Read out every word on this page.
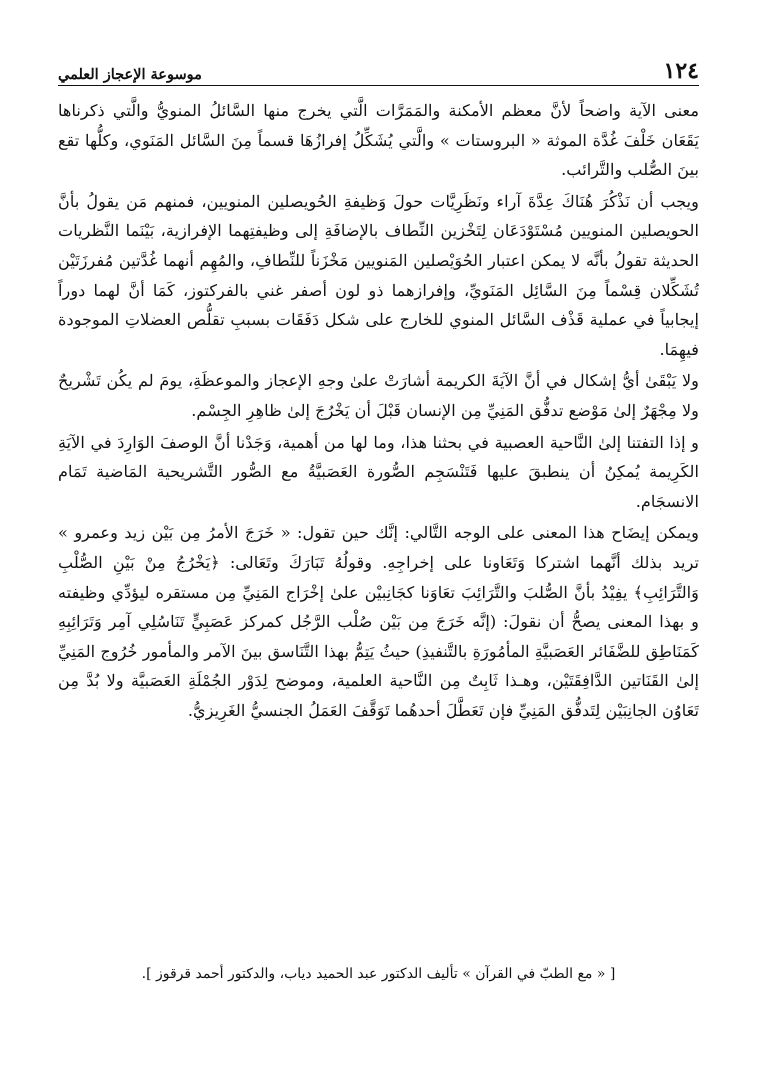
١٢٤
موسوعة الإعجاز العلمي

معنى الآية واضحاً لأنَّ معظم الأمكنة والمَمَرَّات الَّتي يخرج منها السَّائلُ المنويُّ والَّتي ذكرناها يَقَعَان خَلْفَ غُدَّة الموثة « البروستات » والَّتي يُشَكِّلُ إفرازُهَا قسماً مِنَ السَّائل المَنَوي، وكلُّها تقع بينَ الصُّلب والتَّرائب.

ويجب أن نَذْكُرَ هُنَاكَ عِدَّةَ آراء ونَظَرِيَّات حولَ وَظيفةِ الحُويصلين المنويين، فمنهم مَن يقولُ بأنَّ الحويصلين المنويين مُسْتَوْدَعَان لِتَخْزين النِّطاف بالإضافَةِ إلى وظيفتِهما الإفرازية، بَيْنَما النَّظريات الحديثة تقولُ بأنَّه لا يمكن اعتبار الحُوَيْصلين المَنويين مَخْزَناً للنِّطافِ، والمُهِم أنهما غُدَّتين مُفرزَتَيْن تُشَكِّلان قِسْماً مِنَ السَّائِل المَنَويِّ، وإفرازهما ذو لون أصفر غني بالفركتوز، كَمَا أنَّ لهما دوراً إيجابياً في عملية قَذْف السَّائل المنوي للخارج على شكل دَفَقَات بسببِ تقلُّص العضلاتِ الموجودة فيهِمَا.

ولا يَبْقَىٰ أيُّ إشكال في أنَّ الآيَةَ الكريمة أشارَتْ علىٰ وجهِ الإعجاز والموعظَةِ، يومَ لم يكُن تَشْريحٌ ولا مِجْهَرٌ إلىٰ مَوْضع تدفُّق المَنِيِّ مِن الإنسان قَبْلَ أن يَخْرُجَ إلىٰ ظاهِرِ الجِسْم.

و إذا التفتنا إلىٰ النَّاحية العصبية في بحثنا هذا، وما لها من أهمية، وَجَدْنا أنَّ الوصفَ الوَارِدَ في الآيَةِ الكَرِيمة يُمكِنُ أن ينطبقَ عليها فَتَنْسَجِم الصُّورة العَصَبيَّةُ مع الصُّور التَّشريحية المَاضية تَمَام الانسجَام.

ويمكن إيضَاح هذا المعنى على الوجه التَّالي: إنَّك حين تقول: « خَرَجَ الأمرُ مِن بَيْن زيد وعمرو » تريد بذلك أنَّهما اشتركا وَتَعَاونا على إخراجِهِ. وقولُهُ تَبَارَكَ وتَعَالى: ﴿يَخْرُجُ مِنْ بَيْنِ الصُّلْبِ وَالتَّرَائِبِ﴾ يفِيْدُ بأنَّ الصُّلبَ والتَّرَائِبَ تعَاوَنا كجَانِبيْن علىٰ إخْرَاج المَنِيِّ مِن مستقره ليؤدِّي وظيفته و بهذا المعنى يصحُّ أن نقولَ: (إنَّه خَرَجَ مِن بَيْن صُلْب الرَّجُل كمركز عَصَبِيٍّ تَنَاسُلِي آمِر وَتَرَائِبِهِ كَمَنَاطِق للضَّفَائر العَصَبيَّةِ المأمُورَةِ بالتَّنفيذِ) حيثُ يَتِمُّ بهذا التَّنَاسق بينَ الآمر والمأمور خُرُوج المَنِيِّ إلىٰ القَنَاتين الدَّافِقَتَيْن، وهـذا ثَابِتٌ مِن النَّاحية العلمية، وموضح لِدَوْر الجُمْلَةِ العَصَبيَّة ولا بُدَّ مِن تَعَاوُن الجانِبَيْن لِتَدفُّق المَنِيِّ فإن تَعَطَّلَ أحدهُما تَوَقَّفَ العَمَلُ الجنسيُّ الغَرِيزيُّ.

[ « مع الطبّ في القرآن » تأليف الدكتور عبد الحميد دياب، والدكتور أحمد قرقوز ].
